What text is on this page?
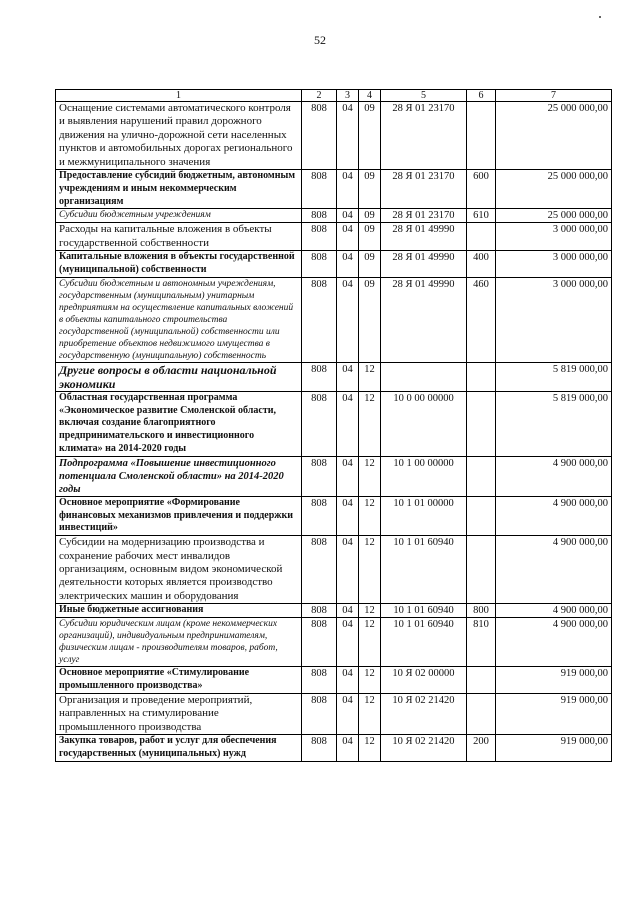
52
1	2	3	4	5	6	7
Оснащение системами автоматического контроля и выявления нарушений правил дорожного движения на улично-дорожной сети населенных пунктов и автомобильных дорогах регионального и межмуниципального значения	808	04	09	28 Я 01 23170		25 000 000,00
Предоставление субсидий бюджетным, автономным учреждениям и иным некоммерческим организациям	808	04	09	28 Я 01 23170	600	25 000 000,00
Субсидии бюджетным учреждениям	808	04	09	28 Я 01 23170	610	25 000 000,00
Расходы на капитальные вложения в объекты государственной собственности	808	04	09	28 Я 01 49990		3 000 000,00
Капитальные вложения в объекты государственной (муниципальной) собственности	808	04	09	28 Я 01 49990	400	3 000 000,00
Субсидии бюджетным и автономным учреждениям, государственным (муниципальным) унитарным предприятиям на осуществление капитальных вложений в объекты капитального строительства государственной (муниципальной) собственности или приобретение объектов недвижимого имущества в государственную (муниципальную) собственность	808	04	09	28 Я 01 49990	460	3 000 000,00
Другие вопросы в области национальной экономики	808	04	12			5 819 000,00
Областная государственная программа «Экономическое развитие Смоленской области, включая создание благоприятного предпринимательского и инвестиционного климата» на 2014-2020 годы	808	04	12	10 0 00 00000		5 819 000,00
Подпрограмма «Повышение инвестиционного потенциала Смоленской области» на 2014-2020 годы	808	04	12	10 1 00 00000		4 900 000,00
Основное мероприятие «Формирование финансовых механизмов привлечения и поддержки инвестиций»	808	04	12	10 1 01 00000		4 900 000,00
Субсидии на модернизацию производства и сохранение рабочих мест инвалидов организациям, основным видом экономической деятельности которых является производство электрических машин и оборудования	808	04	12	10 1 01 60940		4 900 000,00
Иные бюджетные ассигнования	808	04	12	10 1 01 60940	800	4 900 000,00
Субсидии юридическим лицам (кроме некоммерческих организаций), индивидуальным предпринимателям, физическим лицам - производителям товаров, работ, услуг	808	04	12	10 1 01 60940	810	4 900 000,00
Основное мероприятие «Стимулирование промышленного производства»	808	04	12	10 Я 02 00000		919 000,00
Организация и проведение мероприятий, направленных на стимулирование промышленного производства	808	04	12	10 Я 02 21420		919 000,00
Закупка товаров, работ и услуг для обеспечения государственных (муниципальных) нужд	808	04	12	10 Я 02 21420	200	919 000,00
